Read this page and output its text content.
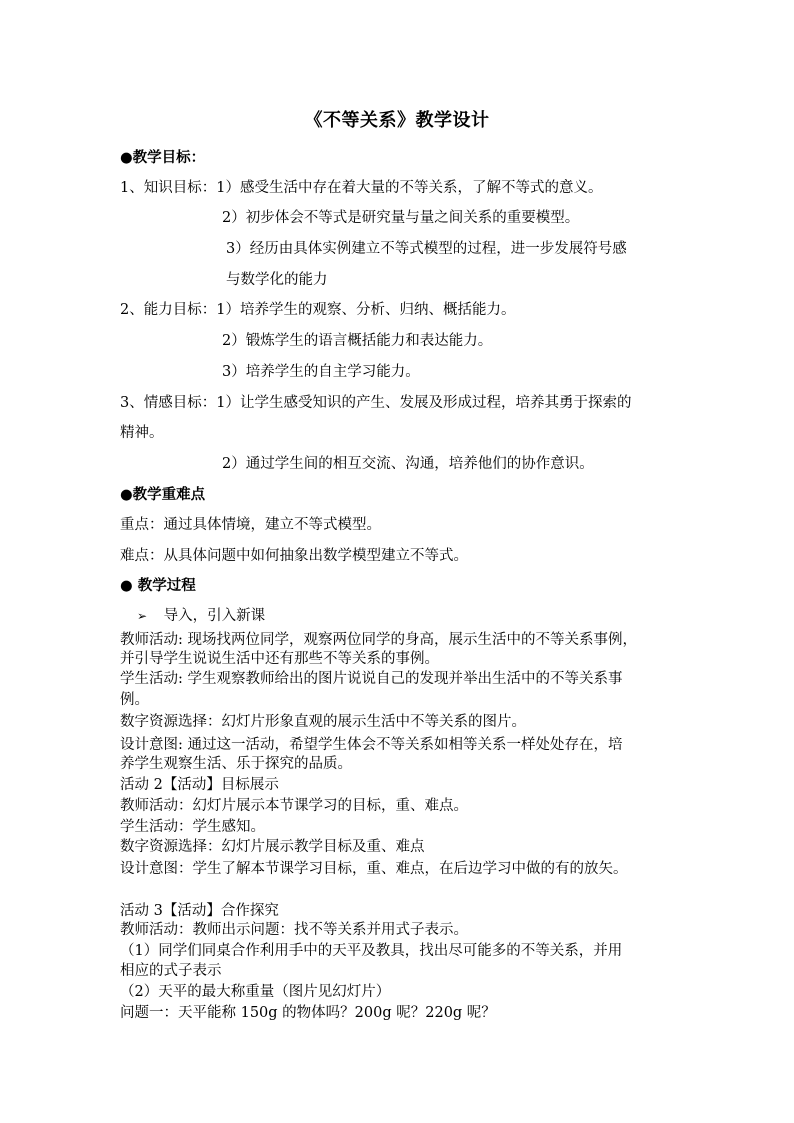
《不等关系》教学设计
●教学目标：
1、知识目标：1）感受生活中存在着大量的不等关系，了解不等式的意义。
2）初步体会不等式是研究量与量之间关系的重要模型。
3）经历由具体实例建立不等式模型的过程，进一步发展符号感
与数学化的能力
2、能力目标：1）培养学生的观察、分析、归纳、概括能力。
2）锻炼学生的语言概括能力和表达能力。
3）培养学生的自主学习能力。
3、情感目标：1）让学生感受知识的产生、发展及形成过程，培养其勇于探索的
精神。
2）通过学生间的相互交流、沟通，培养他们的协作意识。
●教学重难点
重点：通过具体情境，建立不等式模型。
难点：从具体问题中如何抽象出数学模型建立不等式。
● 教学过程
➢ 导入，引入新课
教师活动: 现场找两位同学，观察两位同学的身高，展示生活中的不等关系事例，
并引导学生说说生活中还有那些不等关系的事例。
学生活动: 学生观察教师给出的图片说说自己的发现并举出生活中的不等关系事
例。
数字资源选择：幻灯片形象直观的展示生活中不等关系的图片。
设计意图: 通过这一活动，希望学生体会不等关系如相等关系一样处处存在，培
养学生观察生活、乐于探究的品质。
活动 2【活动】目标展示
教师活动：幻灯片展示本节课学习的目标，重、难点。
学生活动：学生感知。
数字资源选择：幻灯片展示教学目标及重、难点
设计意图：学生了解本节课学习目标，重、难点，在后边学习中做的有的放矢。
活动 3【活动】合作探究
教师活动：教师出示问题：找不等关系并用式子表示。
（1）同学们同桌合作利用手中的天平及教具，找出尽可能多的不等关系，并用
相应的式子表示
（2）天平的最大称重量（图片见幻灯片）
问题一：天平能称 150g 的物体吗？200g 呢？220g 呢？
